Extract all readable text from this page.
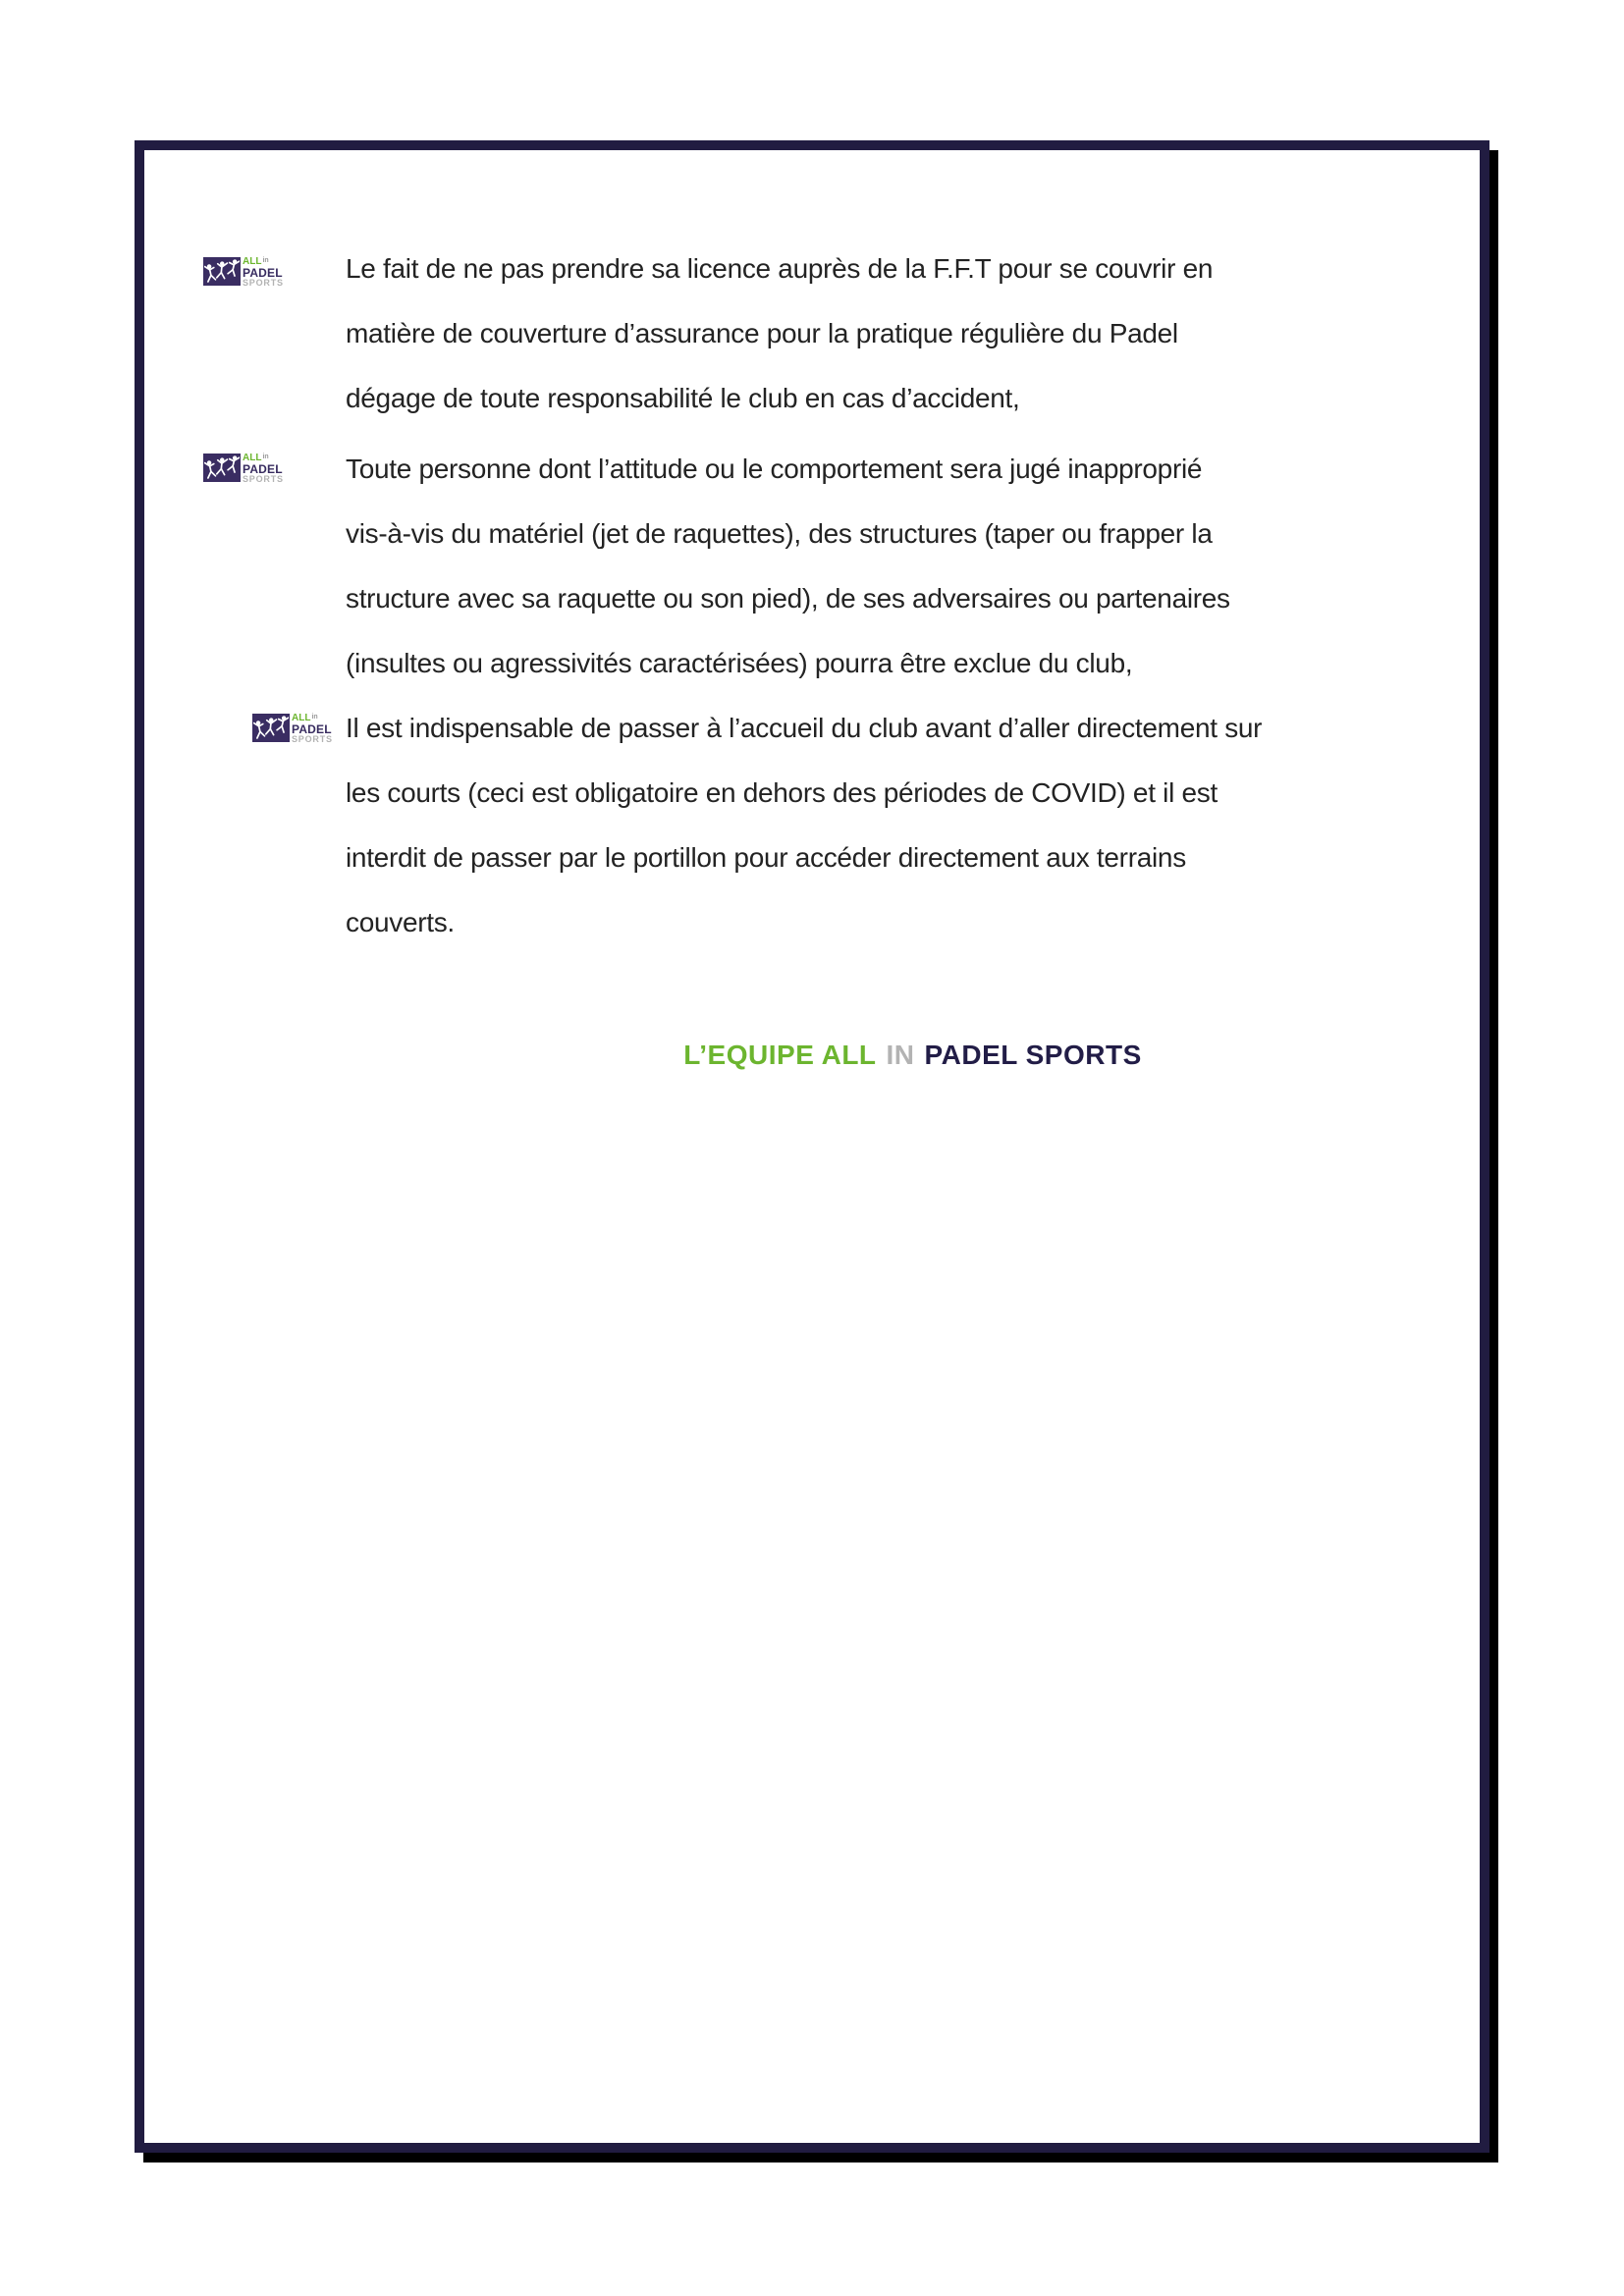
ALL in
PADEL
SPORTS
ALL in
PADEL
SPORTS
ALL in
PADEL
SPORTS
Le fait de ne pas prendre sa licence auprès de la F.F.T pour se couvrir en
matière de couverture d’assurance pour la pratique régulière du Padel
dégage de toute responsabilité le club en cas d’accident,
Toute personne dont l’attitude ou le comportement sera jugé inapproprié
vis-à-vis du matériel (jet de raquettes), des structures (taper ou frapper la
structure avec sa raquette ou son pied), de ses adversaires ou partenaires
(insultes ou agressivités caractérisées) pourra être exclue du club,
Il est indispensable de passer à l’accueil du club avant d’aller directement sur
les courts (ceci est obligatoire en dehors des périodes de COVID) et il est
interdit de passer par le portillon pour accéder directement aux terrains
couverts.
L’EQUIPE ALL IN PADEL SPORTS
